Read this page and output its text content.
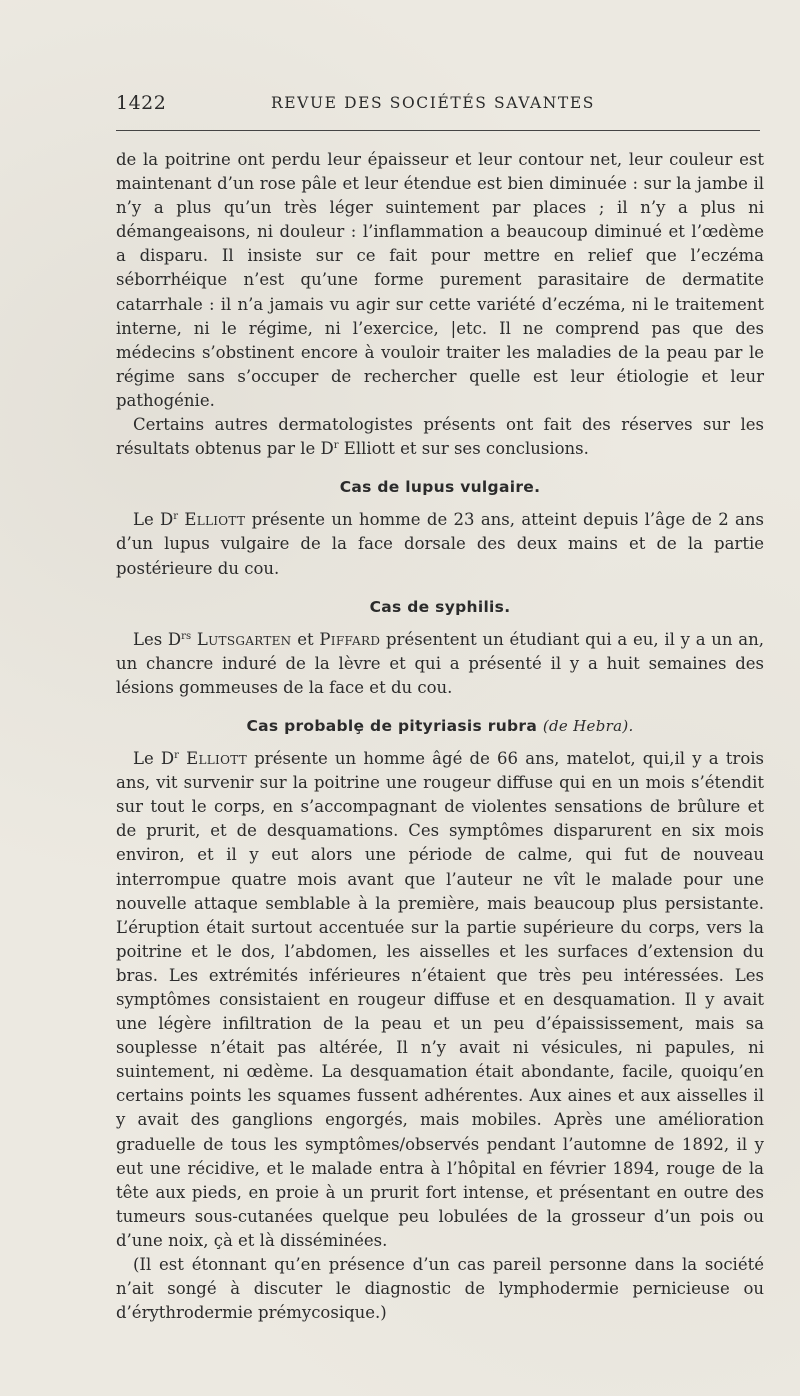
1422	REVUE DES SOCIÉTÉS SAVANTES

de la poitrine ont perdu leur épaisseur et leur contour net, leur couleur est maintenant d’un rose pâle et leur étendue est bien diminuée : sur la jambe il n’y a plus qu’un très léger suintement par places ; il n’y a plus ni démangeaisons, ni douleur : l’inflammation a beaucoup diminué et l’œdème a disparu. Il insiste sur ce fait pour mettre en relief que l’eczéma séborrhéique n’est qu’une forme purement parasitaire de dermatite catarrhale : il n’a jamais vu agir sur cette variété d’eczéma, ni le traitement interne, ni le régime, ni l’exercice, |etc. Il ne comprend pas que des médecins s’obstinent encore à vouloir traiter les maladies de la peau par le régime sans s’occuper de rechercher quelle est leur étiologie et leur pathogénie.

Certains autres dermatologistes présents ont fait des réserves sur les résultats obtenus par le $D^r$ Elliott et sur ses conclusions.

Cas de lupus vulgaire.

Le $D^r$ Elliott présente un homme de 23 ans, atteint depuis l’âge de 2 ans d’un lupus vulgaire de la face dorsale des deux mains et de la partie postérieure du cou.

Cas de syphilis.

Les $D^{rs}$ Lutsgarten et Piffard présentent un étudiant qui a eu, il y a un an, un chancre induré de la lèvre et qui a présenté il y a huit semaines des lésions gommeuses de la face et du cou.

Cas probablȩ de pityriasis rubra (de Hebra).

Le $D^r$ Elliott présente un homme âgé de 66 ans, matelot, qui,il y a trois ans, vit survenir sur la poitrine une rougeur diffuse qui en un mois s’étendit sur tout le corps, en s’accompagnant de violentes sensations de brûlure et de prurit, et de desquamations. Ces symptômes disparurent en six mois environ, et il y eut alors une période de calme, qui fut de nouveau interrompue quatre mois avant que l’auteur ne vît le malade pour une nouvelle attaque semblable à la première, mais beaucoup plus persistante. L’éruption était surtout accentuée sur la partie supérieure du corps, vers la poitrine et le dos, l’abdomen, les aisselles et les surfaces d’extension du bras. Les extrémités inférieures n’étaient que très peu intéressées. Les symptômes consistaient en rougeur diffuse et en desquamation. Il y avait une légère infiltration de la peau et un peu d’épaississement, mais sa souplesse n’était pas altérée, Il n’y avait ni vésicules, ni papules, ni suintement, ni œdème. La desquamation était abondante, facile, quoiqu’en certains points les squames fussent adhérentes. Aux aines et aux aisselles il y avait des ganglions engorgés, mais mobiles. Après une amélioration graduelle de tous les symptômes/observés pendant l’automne de 1892, il y eut une récidive, et le malade entra à l’hôpital en février 1894, rouge de la tête aux pieds, en proie à un prurit fort intense, et présentant en outre des tumeurs sous-cutanées quelque peu lobulées de la grosseur d’un pois ou d’une noix, çà et là disséminées.

(Il est étonnant qu’en présence d’un cas pareil personne dans la société n’ait songé à discuter le diagnostic de lymphodermie pernicieuse ou d’érythrodermie prémycosique.)
